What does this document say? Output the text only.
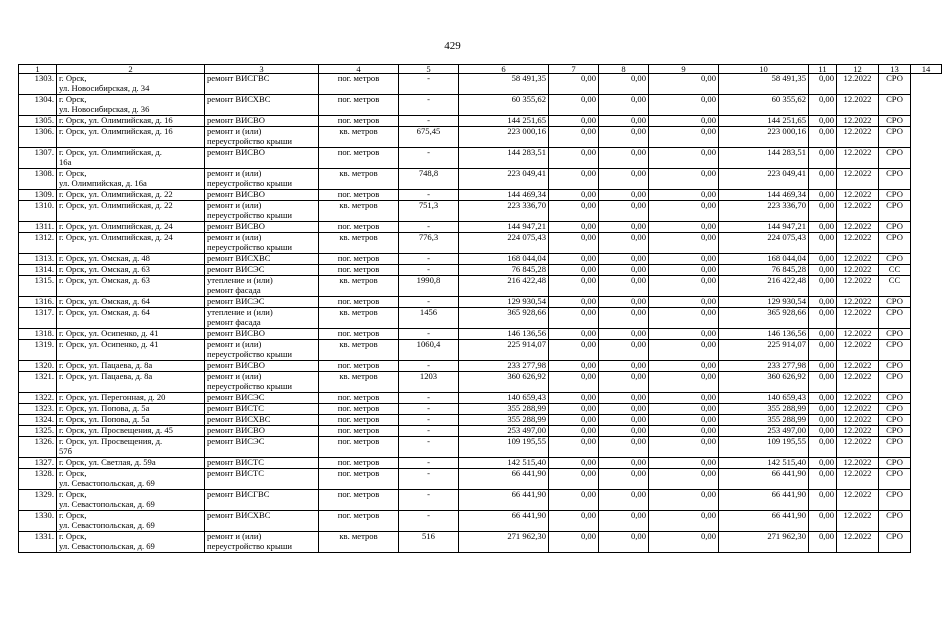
429
1	2	3	4	5	6	7	8	9	10	11	12	13	14
1303.	г. Орск,
ул. Новосибирская, д. 34	ремонт ВИСГВС	пог. метров	-	58 491,35	0,00	0,00	0,00	58 491,35	0,00	12.2022	СРО	
1304.	г. Орск,
ул. Новосибирская, д. 36	ремонт ВИСХВС	пог. метров	-	60 355,62	0,00	0,00	0,00	60 355,62	0,00	12.2022	СРО	
1305.	г. Орск, ул. Олимпийская, д. 16	ремонт ВИСВО	пог. метров	-	144 251,65	0,00	0,00	0,00	144 251,65	0,00	12.2022	СРО	
1306.	г. Орск, ул. Олимпийская, д. 16	ремонт и (или)
переустройство крыши	кв. метров	675,45	223 000,16	0,00	0,00	0,00	223 000,16	0,00	12.2022	СРО	
1307.	г. Орск, ул. Олимпийская, д.
16а	ремонт ВИСВО	пог. метров	-	144 283,51	0,00	0,00	0,00	144 283,51	0,00	12.2022	СРО	
1308.	г. Орск,
ул. Олимпийская, д. 16а	ремонт и (или)
переустройство крыши	кв. метров	748,8	223 049,41	0,00	0,00	0,00	223 049,41	0,00	12.2022	СРО	
1309.	г. Орск, ул. Олимпийская, д. 22	ремонт ВИСВО	пог. метров	-	144 469,34	0,00	0,00	0,00	144 469,34	0,00	12.2022	СРО	
1310.	г. Орск, ул. Олимпийская, д. 22	ремонт и (или)
переустройство крыши	кв. метров	751,3	223 336,70	0,00	0,00	0,00	223 336,70	0,00	12.2022	СРО	
1311.	г. Орск, ул. Олимпийская, д. 24	ремонт ВИСВО	пог. метров	-	144 947,21	0,00	0,00	0,00	144 947,21	0,00	12.2022	СРО	
1312.	г. Орск, ул. Олимпийская, д. 24	ремонт и (или)
переустройство крыши	кв. метров	776,3	224 075,43	0,00	0,00	0,00	224 075,43	0,00	12.2022	СРО	
1313.	г. Орск, ул. Омская, д. 48	ремонт ВИСХВС	пог. метров	-	168 044,04	0,00	0,00	0,00	168 044,04	0,00	12.2022	СРО	
1314.	г. Орск, ул. Омская, д. 63	ремонт ВИСЭС	пог. метров	-	76 845,28	0,00	0,00	0,00	76 845,28	0,00	12.2022	СС	
1315.	г. Орск, ул. Омская, д. 63	утепление и (или)
ремонт фасада	кв. метров	1990,8	216 422,48	0,00	0,00	0,00	216 422,48	0,00	12.2022	СС	
1316.	г. Орск, ул. Омская, д. 64	ремонт ВИСЭС	пог. метров	-	129 930,54	0,00	0,00	0,00	129 930,54	0,00	12.2022	СРО	
1317.	г. Орск, ул. Омская, д. 64	утепление и (или)
ремонт фасада	кв. метров	1456	365 928,66	0,00	0,00	0,00	365 928,66	0,00	12.2022	СРО	
1318.	г. Орск, ул. Осипенко, д. 41	ремонт ВИСВО	пог. метров	-	146 136,56	0,00	0,00	0,00	146 136,56	0,00	12.2022	СРО	
1319.	г. Орск, ул. Осипенко, д. 41	ремонт и (или)
переустройство крыши	кв. метров	1060,4	225 914,07	0,00	0,00	0,00	225 914,07	0,00	12.2022	СРО	
1320.	г. Орск, ул. Пацаева, д. 8а	ремонт ВИСВО	пог. метров	-	233 277,98	0,00	0,00	0,00	233 277,98	0,00	12.2022	СРО	
1321.	г. Орск, ул. Пацаева, д. 8а	ремонт и (или)
переустройство крыши	кв. метров	1203	360 626,92	0,00	0,00	0,00	360 626,92	0,00	12.2022	СРО	
1322.	г. Орск, ул. Перегонная, д. 20	ремонт ВИСЭС	пог. метров	-	140 659,43	0,00	0,00	0,00	140 659,43	0,00	12.2022	СРО	
1323.	г. Орск, ул. Попова, д. 5а	ремонт ВИСТС	пог. метров	-	355 288,99	0,00	0,00	0,00	355 288,99	0,00	12.2022	СРО	
1324.	г. Орск, ул. Попова, д. 5а	ремонт ВИСХВС	пог. метров	-	355 288,99	0,00	0,00	0,00	355 288,99	0,00	12.2022	СРО	
1325.	г. Орск, ул. Просвещения, д. 45	ремонт ВИСВО	пог. метров	-	253 497,00	0,00	0,00	0,00	253 497,00	0,00	12.2022	СРО	
1326.	г. Орск, ул. Просвещения, д.
57б	ремонт ВИСЭС	пог. метров	-	109 195,55	0,00	0,00	0,00	109 195,55	0,00	12.2022	СРО	
1327.	г. Орск, ул. Светлая, д. 59а	ремонт ВИСТС	пог. метров	-	142 515,40	0,00	0,00	0,00	142 515,40	0,00	12.2022	СРО	
1328.	г. Орск,
ул. Севастопольская, д. 69	ремонт ВИСТС	пог. метров	-	66 441,90	0,00	0,00	0,00	66 441,90	0,00	12.2022	СРО	
1329.	г. Орск,
ул. Севастопольская, д. 69	ремонт ВИСГВС	пог. метров	-	66 441,90	0,00	0,00	0,00	66 441,90	0,00	12.2022	СРО	
1330.	г. Орск,
ул. Севастопольская, д. 69	ремонт ВИСХВС	пог. метров	-	66 441,90	0,00	0,00	0,00	66 441,90	0,00	12.2022	СРО	
1331.	г. Орск,
ул. Севастопольская, д. 69	ремонт и (или)
переустройство крыши	кв. метров	516	271 962,30	0,00	0,00	0,00	271 962,30	0,00	12.2022	СРО	
